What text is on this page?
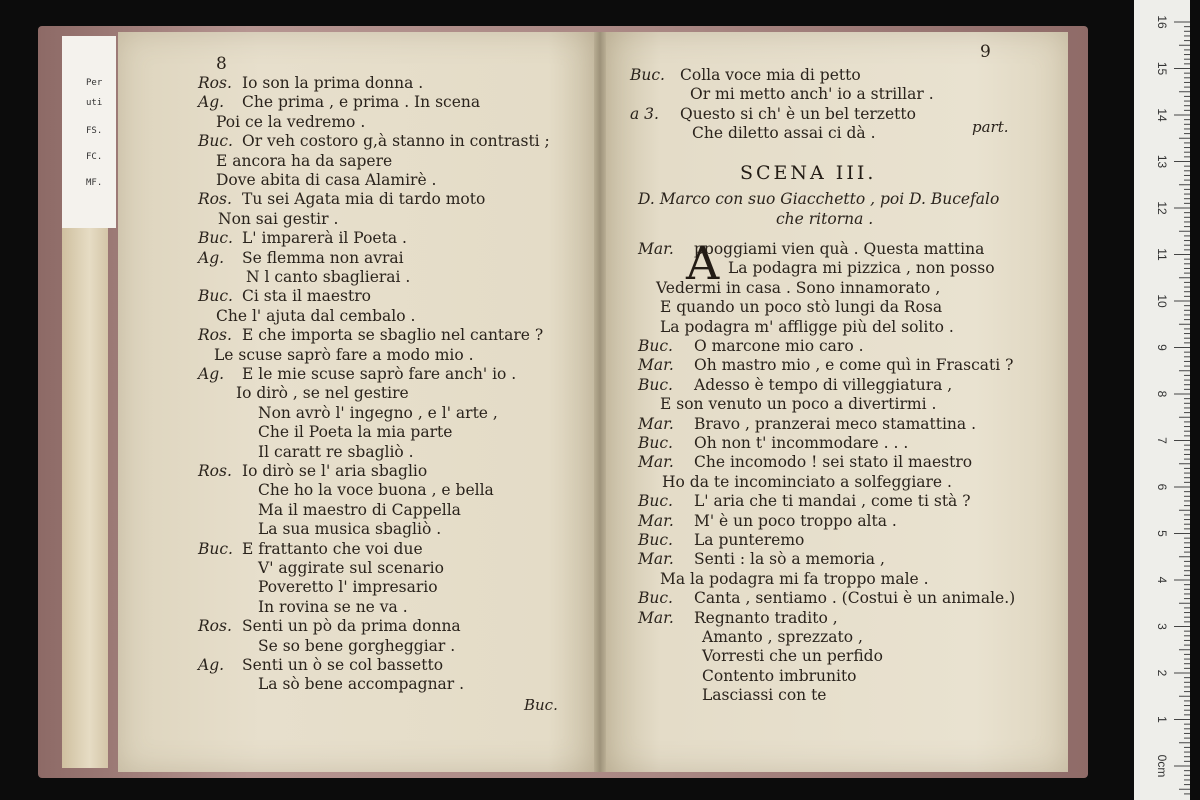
Per
uti
FS.
FC.
MF.
8
Ros. Io son la prima donna .
Ag. Che prima , e prima . In scena
Poi ce la vedremo .
Buc. Or veh costoro g,à stanno in contrasti ;
E ancora ha da sapere
Dove abita di casa Alamirè .
Ros. Tu sei Agata mia di tardo moto
Non sai gestir .
Buc. L' imparerà il Poeta .
Ag. Se flemma non avrai
N l canto sbaglierai .
Buc. Ci sta il maestro
Che l' ajuta dal cembalo .
Ros. E che importa se sbaglio nel cantare ?
Le scuse saprò fare a modo mio .
Ag. E le mie scuse saprò fare anch' io .
Io dirò , se nel gestire
Non avrò l' ingegno , e l' arte ,
Che il Poeta la mia parte
Il caratt re sbagliò .
Ros. Io dirò se l' aria sbaglio
Che ho la voce buona , e bella
Ma il maestro di Cappella
La sua musica sbagliò .
Buc. E frattanto che voi due
V' aggirate sul scenario
Poveretto l' impresario
In rovina se ne va .
Ros. Senti un pò da prima donna
Se so bene gorgheggiar .
Ag. Senti un ò se col bassetto
La sò bene accompagnar .
Buc.
9
Buc. Colla voce mia di petto
Or mi metto anch' io a strillar .
a 3. Questo si ch' è un bel terzetto
Che diletto assai ci dà .	part.
Mar. ppoggiami vien quà . Questa mattina
La podagra mi pizzica , non posso
Vedermi in casa . Sono innamorato ,
E quando un poco stò lungi da Rosa
La podagra m' affligge più del solito .
Buc. O marcone mio caro .
Mar. Oh mastro mio , e come quì in Frascati ?
Buc. Adesso è tempo di villeggiatura ,
E son venuto un poco a divertirmi .
Mar. Bravo , pranzerai meco stamattina .
Buc. Oh non t' incommodare . . .
Mar. Che incomodo ! sei stato il maestro
Ho da te incominciato a solfeggiare .
Buc. L' aria che ti mandai , come ti stà ?
Mar. M' è un poco troppo alta .
Buc. La punteremo
Mar. Senti : la sò a memoria ,
Ma la podagra mi fa troppo male .
Buc. Canta , sentiamo . (Costui è un animale.)
Mar. Regnanto tradito ,
Amanto , sprezzato ,
Vorresti che un perfido
Contento imbrunito
Lasciassi con te
SCENA III.
D. Marco con suo Giacchetto , poi D. Bucefalo
che ritorna .
A
16
15
14
13
12
11
10
9
8
7
6
5
4
3
2
1
0cm
